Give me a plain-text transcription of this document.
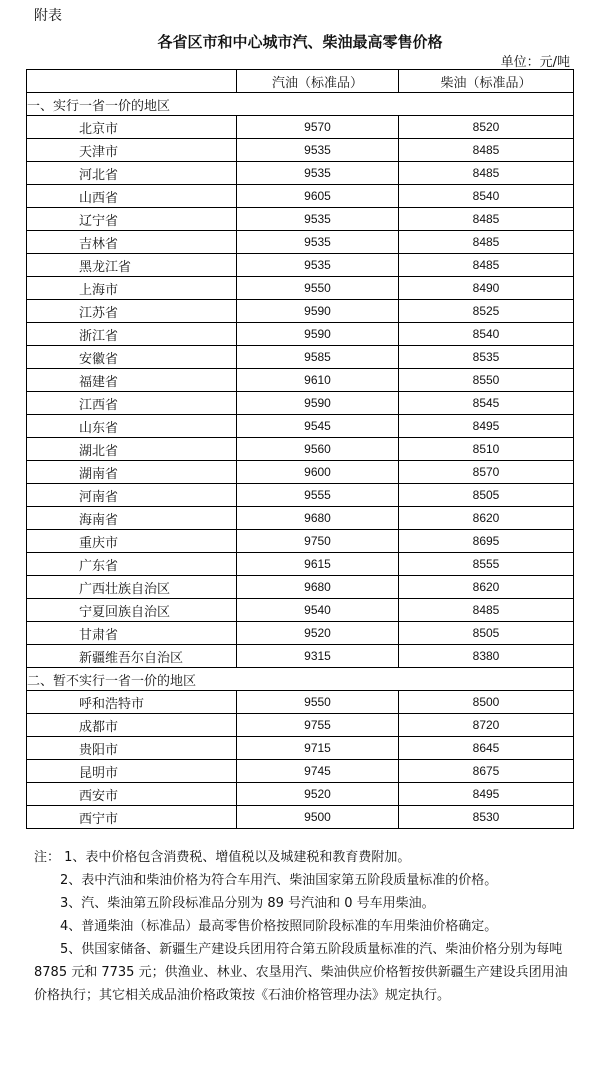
附表
各省区市和中心城市汽、柴油最高零售价格
单位：元/吨
	汽油（标准品）	柴油（标准品）
一、实行一省一价的地区		
北京市	9570	8520
天津市	9535	8485
河北省	9535	8485
山西省	9605	8540
辽宁省	9535	8485
吉林省	9535	8485
黑龙江省	9535	8485
上海市	9550	8490
江苏省	9590	8525
浙江省	9590	8540
安徽省	9585	8535
福建省	9610	8550
江西省	9590	8545
山东省	9545	8495
湖北省	9560	8510
湖南省	9600	8570
河南省	9555	8505
海南省	9680	8620
重庆市	9750	8695
广东省	9615	8555
广西壮族自治区	9680	8620
宁夏回族自治区	9540	8485
甘肃省	9520	8505
新疆维吾尔自治区	9315	8380
二、暂不实行一省一价的地区		
呼和浩特市	9550	8500
成都市	9755	8720
贵阳市	9715	8645
昆明市	9745	8675
西安市	9520	8495
西宁市	9500	8530

注： 1、表中价格包含消费税、增值税以及城建税和教育费附加。

2、表中汽油和柴油价格为符合车用汽、柴油国家第五阶段质量标准的价格。

3、汽、柴油第五阶段标准品分别为 89 号汽油和 0 号车用柴油。

4、普通柴油（标准品）最高零售价格按照同阶段标准的车用柴油价格确定。

5、供国家储备、新疆生产建设兵团用符合第五阶段质量标准的汽、柴油价格分别为每吨 8785 元和 7735 元；供渔业、林业、农垦用汽、柴油供应价格暂按供新疆生产建设兵团用油价格执行；其它相关成品油价格政策按《石油价格管理办法》规定执行。
